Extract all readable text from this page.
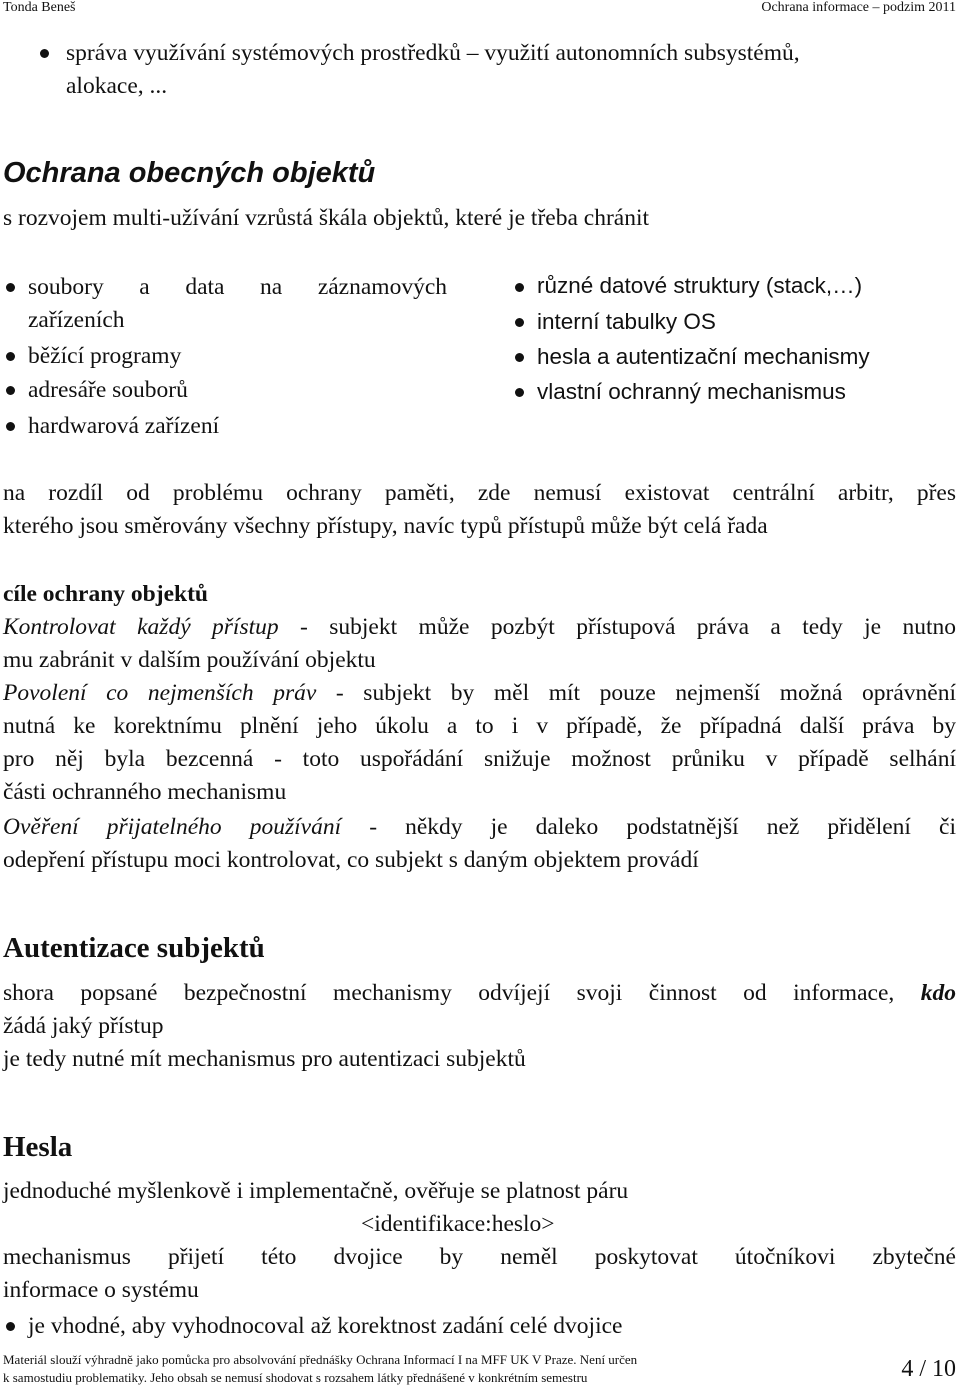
Tonda Beneš	Ochrana informace – podzim 2011
správa využívání systémových prostředků – využití autonomních subsystémů,
alokace, ...
Ochrana obecných objektů
s rozvojem multi-užívání vzrůstá škála objektů, které je třeba chránit
soubory a data na záznamových
zařízeních
běžící programy
adresáře souborů
hardwarová zařízení
různé datové struktury (stack,…)
interní tabulky OS
hesla a autentizační mechanismy
vlastní ochranný mechanismus
na rozdíl od problému ochrany paměti, zde nemusí existovat centrální arbitr, přes
kterého jsou směrovány všechny přístupy, navíc typů přístupů může být celá řada
cíle ochrany objektů
Kontrolovat každý přístup - subjekt může pozbýt přístupová práva a tedy je nutno
mu zabránit v dalším používání objektu
Povolení co nejmenších práv - subjekt by měl mít pouze nejmenší možná oprávnění
nutná ke korektnímu plnění jeho úkolu a to i v případě, že případná další práva by
pro něj byla bezcenná - toto uspořádání snižuje možnost průniku v případě selhání
části ochranného mechanismu
Ověření přijatelného používání - někdy je daleko podstatnější než přidělení či
odepření přístupu moci kontrolovat, co subjekt s daným objektem provádí
Autentizace subjektů
shora popsané bezpečnostní mechanismy odvíjejí svoji činnost od informace, kdo
žádá jaký přístup
je tedy nutné mít mechanismus pro autentizaci subjektů
Hesla
jednoduché myšlenkově i implementačně, ověřuje se platnost páru
<identifikace:heslo>
mechanismus přijetí této dvojice by neměl poskytovat útočníkovi zbytečné
informace o systému
je vhodné, aby vyhodnocoval až korektnost zadání celé dvojice
Materiál slouží výhradně jako pomůcka pro absolvování přednášky Ochrana Informací I na MFF UK V Praze. Není určen
k samostudiu problematiky. Jeho obsah se nemusí shodovat s rozsahem látky přednášené v konkrétním semestru	4 / 10
